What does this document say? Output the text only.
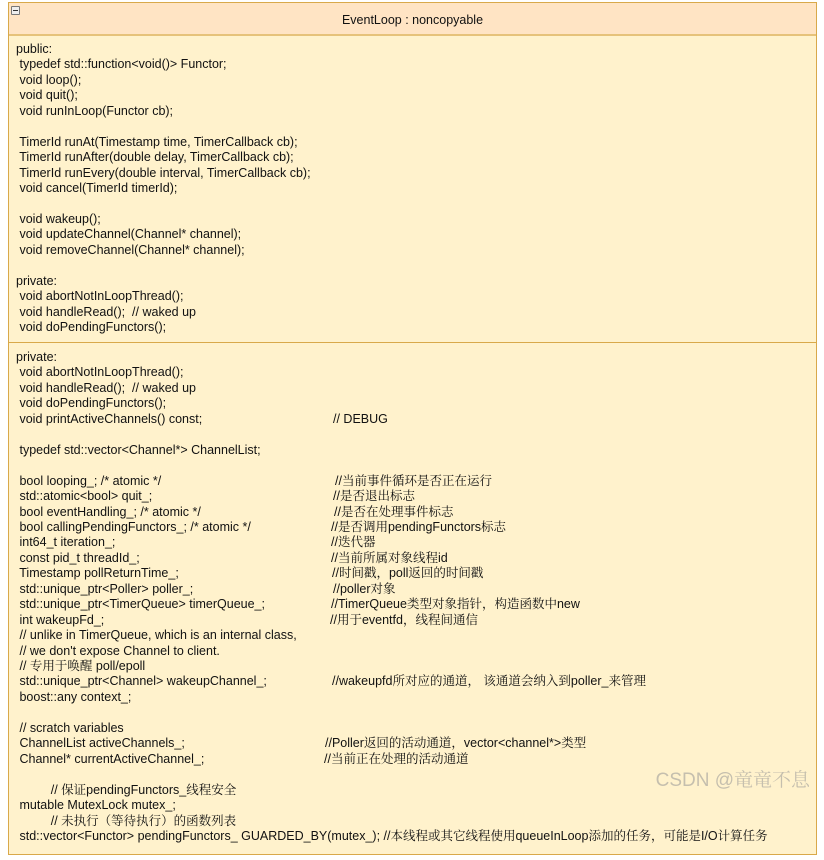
EventLoop : noncopyable
public:
typedef std::function<void()> Functor;
void loop();
void quit();
void runInLoop(Functor cb);
TimerId runAt(Timestamp time, TimerCallback cb);
TimerId runAfter(double delay, TimerCallback cb);
TimerId runEvery(double interval, TimerCallback cb);
void cancel(TimerId timerId);
void wakeup();
void updateChannel(Channel* channel);
void removeChannel(Channel* channel);
private:
void abortNotInLoopThread();
void handleRead();  // waked up
void doPendingFunctors();
private:
void abortNotInLoopThread();
void handleRead();  // waked up
void doPendingFunctors();
void printActiveChannels() const;	// DEBUG
typedef std::vector<Channel*> ChannelList;
bool looping_; /* atomic */	//当前事件循环是否正在运行
std::atomic<bool> quit_;	//是否退出标志
bool eventHandling_; /* atomic */	//是否在处理事件标志
bool callingPendingFunctors_; /* atomic */	//是否调用pendingFunctors标志
int64_t iteration_;	//迭代器
const pid_t threadId_;	//当前所属对象线程id
Timestamp pollReturnTime_;	//时间戳，poll返回的时间戳
std::unique_ptr<Poller> poller_;	//poller对象
std::unique_ptr<TimerQueue> timerQueue_;	//TimerQueue类型对象指针，构造函数中new
int wakeupFd_;	//用于eventfd，线程间通信
// unlike in TimerQueue, which is an internal class,
// we don't expose Channel to client.
// 专用于唤醒 poll/epoll
std::unique_ptr<Channel> wakeupChannel_;	//wakeupfd所对应的通道， 该通道会纳入到poller_来管理
boost::any context_;
// scratch variables
ChannelList activeChannels_;	//Poller返回的活动通道，vector<channel*>类型
Channel* currentActiveChannel_;	//当前正在处理的活动通道
// 保证pendingFunctors_线程安全
mutable MutexLock mutex_;
// 未执行（等待执行）的函数列表
std::vector<Functor> pendingFunctors_ GUARDED_BY(mutex_); //本线程或其它线程使用queueInLoop添加的任务，可能是I/O计算任务
CSDN @竜竜不息
